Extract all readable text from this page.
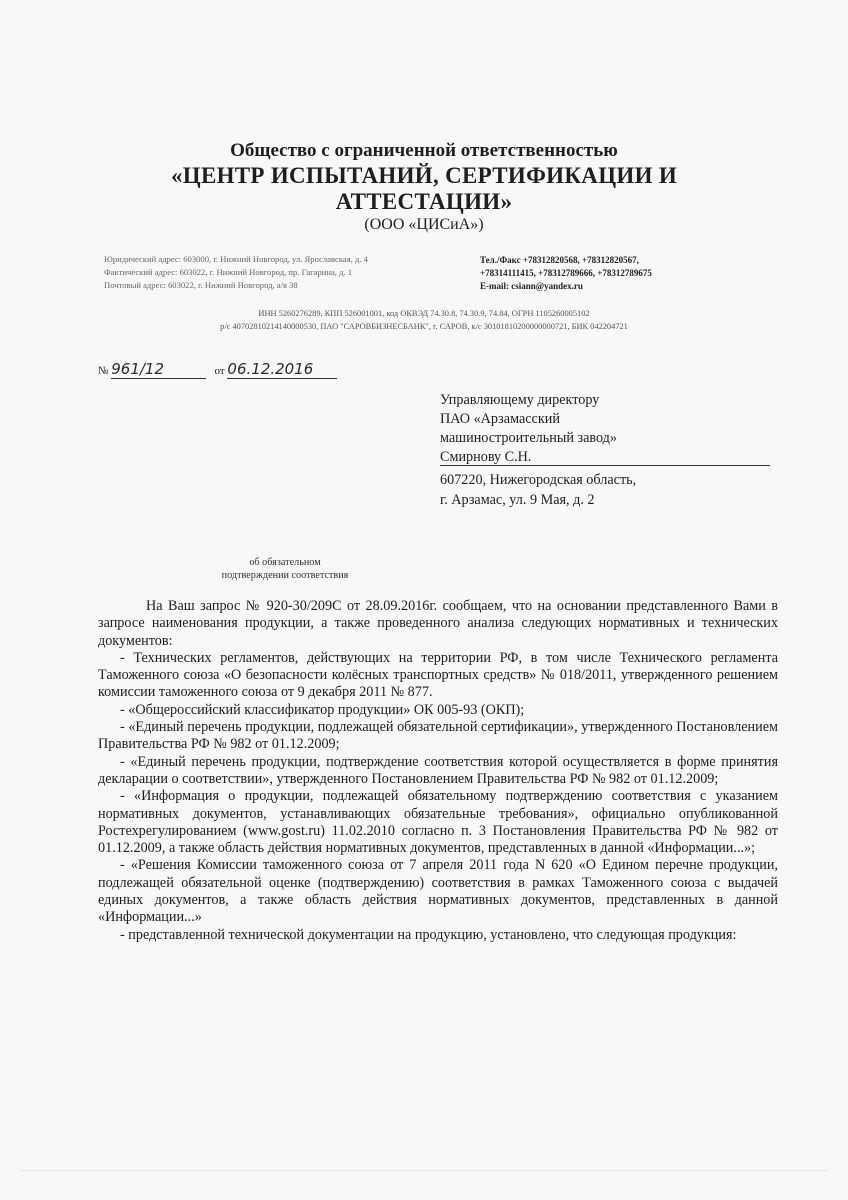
Общество с ограниченной ответственностью
«ЦЕНТР ИСПЫТАНИЙ, СЕРТИФИКАЦИИ И
АТТЕСТАЦИИ»
(ООО «ЦИСиА»)
Юридический адрес: 603000, г. Нижний Новгород, ул. Ярославская, д. 4
Фактический адрес: 603022, г. Нижний Новгород, пр. Гагарина, д. 1
Почтовый адрес: 603022, г. Нижний Новгород, а/я 38
Тел./Факс +78312820568, +78312820567,
+78314111415, +78312789666, +78312789675
E-mail: csiann@yandex.ru
ИНН 5260276289, КПП 526001001, код ОКВЭД 74.30.8, 74.30.9, 74.84, ОГРН 1105260005102
р/с 40702810214140000530, ПАО "САРОВБИЗНЕСБАНК", г. САРОВ, к/с 30101810200000000721, БИК 042204721
№ 961/12	от 06.12.2016
Управляющему директору
ПАО «Арзамасский
машиностроительный завод»
Смирнову С.Н.
607220, Нижегородская область,
г. Арзамас, ул. 9 Мая, д. 2
об обязательном
подтверждении соответствия

На Ваш запрос № 920-30/209С от 28.09.2016г. сообщаем, что на основании представленного Вами в запросе наименования продукции, а также проведенного анализа следующих нормативных и технических документов:

- Технических регламентов, действующих на территории РФ, в том числе Технического регламента Таможенного союза «О безопасности колёсных транспортных средств» № 018/2011, утвержденного решением комиссии таможенного союза от 9 декабря 2011 № 877.

- «Общероссийский классификатор продукции» ОК 005-93 (ОКП);

- «Единый перечень продукции, подлежащей обязательной сертификации», утвержденного Постановлением Правительства РФ № 982 от 01.12.2009;

- «Единый перечень продукции, подтверждение соответствия которой осуществляется в форме принятия декларации о соответствии», утвержденного Постановлением Правительства РФ № 982 от 01.12.2009;

- «Информация о продукции, подлежащей обязательному подтверждению соответствия с указанием нормативных документов, устанавливающих обязательные требования», официально опубликованной Ростехрегулированием (www.gost.ru) 11.02.2010 согласно п. 3 Постановления Правительства РФ № 982 от 01.12.2009, а также область действия нормативных документов, представленных в данной «Информации...»;

- «Решения Комиссии таможенного союза от 7 апреля 2011 года N 620 «О Едином перечне продукции, подлежащей обязательной оценке (подтверждению) соответствия в рамках Таможенного союза с выдачей единых документов, а также область действия нормативных документов, представленных в данной «Информации...»

- представленной технической документации на продукцию, установлено, что следующая продукция:
